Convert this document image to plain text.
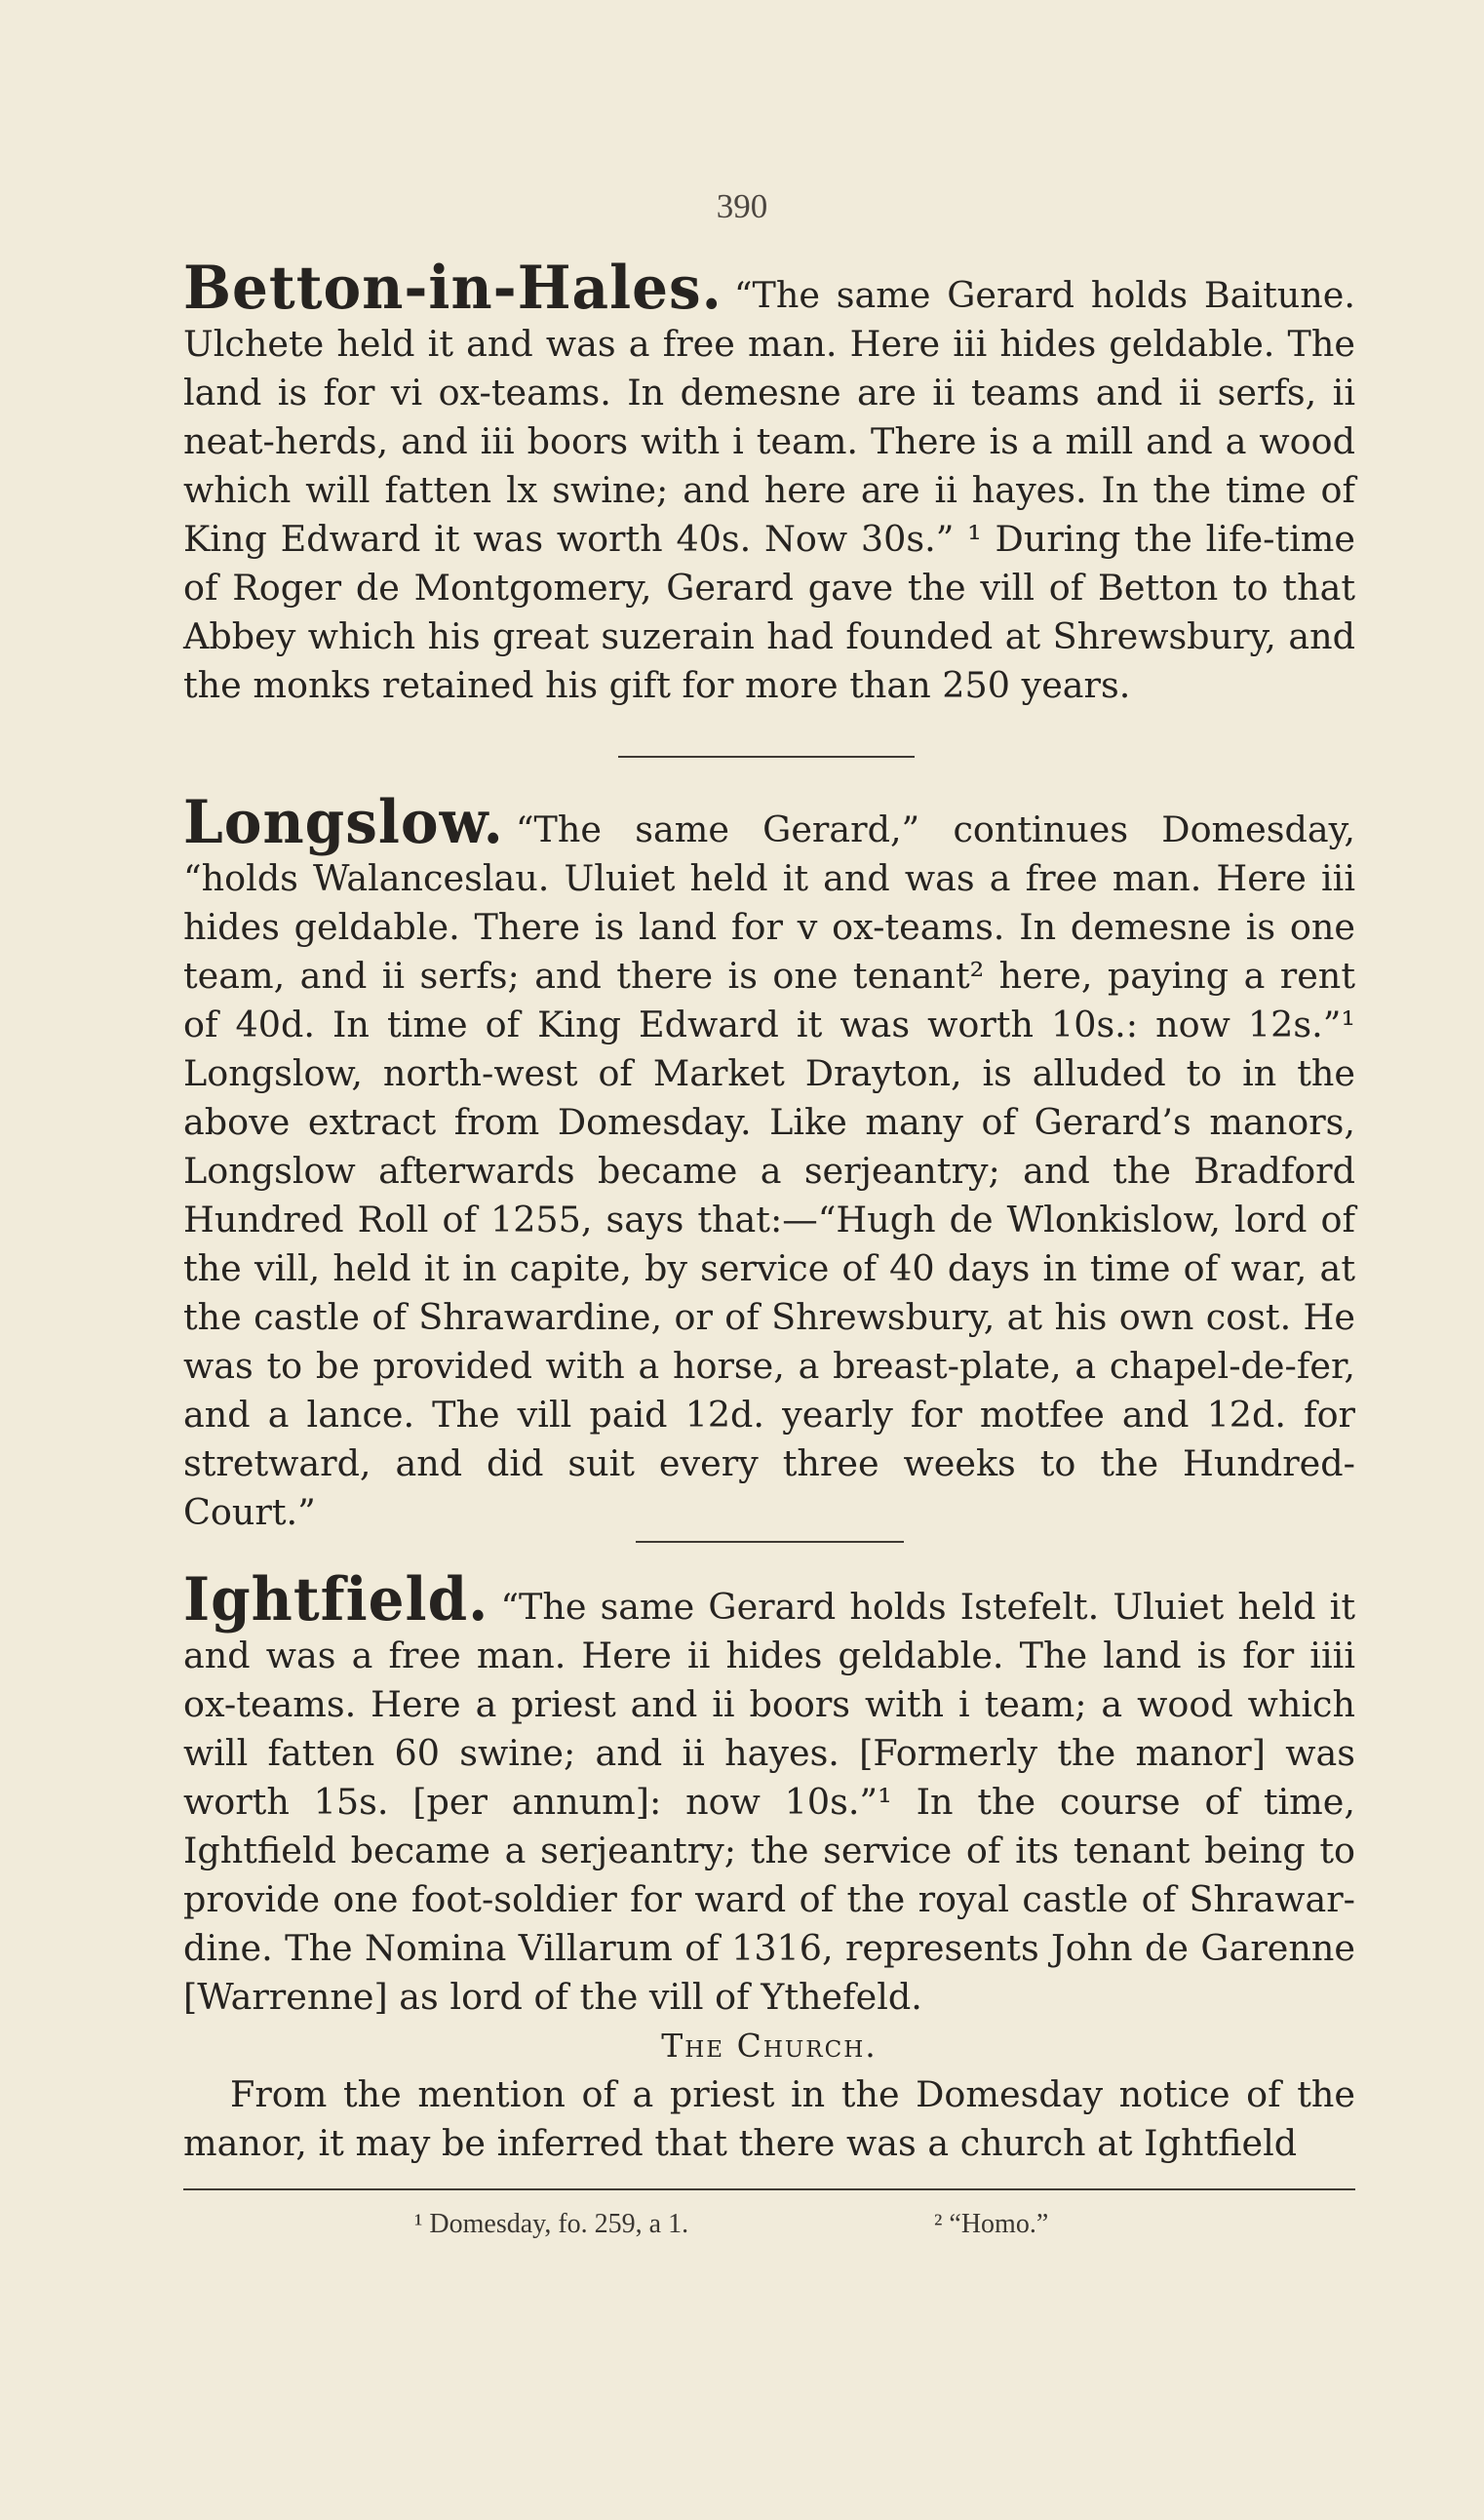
390

Betton-in-Hales. “The same Gerard holds Baitune. Ulchete held it and was a free man. Here iii hides geldable. The land is for vi ox-teams. In demesne are ii teams and ii serfs, ii neat-herds, and iii boors with i team. There is a mill and a wood which will fatten lx swine; and here are ii hayes. In the time of King Edward it was worth 40s. Now 30s.” ¹ During the life-time of Roger de Montgomery, Gerard gave the vill of Betton to that Abbey which his great suzerain had founded at Shrewsbury, and the monks retained his gift for more than 250 years.

Longslow. “The same Gerard,” continues Domesday, “holds Walanceslau. Uluiet held it and was a free man. Here iii hides geldable. There is land for v ox-teams. In demesne is one team, and ii serfs; and there is one tenant² here, paying a rent of 40d. In time of King Edward it was worth 10s.: now 12s.”¹ Longslow, north-west of Market Drayton, is alluded to in the above extract from Domesday. Like many of Gerard’s manors, Longslow afterwards became a serjeantry; and the Bradford Hundred Roll of 1255, says that:—“Hugh de Wlonkislow, lord of the vill, held it in capite, by service of 40 days in time of war, at the castle of Shrawardine, or of Shrewsbury, at his own cost. He was to be provided with a horse, a breast-plate, a chapel-de-fer, and a lance. The vill paid 12d. yearly for motfee and 12d. for stretward, and did suit every three weeks to the Hundred-Court.”

Ightfield. “The same Gerard holds Istefelt. Uluiet held it and was a free man. Here ii hides geldable. The land is for iiii ox-teams. Here a priest and ii boors with i team; a wood which will fatten 60 swine; and ii hayes. [Formerly the manor] was worth 15s. [per annum]: now 10s.”¹ In the course of time, Ightfield became a serjeantry; the service of its tenant being to provide one foot-soldier for ward of the royal castle of Shrawar-dine. The Nomina Villarum of 1316, represents John de Garenne [Warrenne] as lord of the vill of Ythefeld.

The Church.

From the mention of a priest in the Domesday notice of the manor, it may be inferred that there was a church at Ightfield

¹ Domesday, fo. 259, a 1.	² “Homo.”
